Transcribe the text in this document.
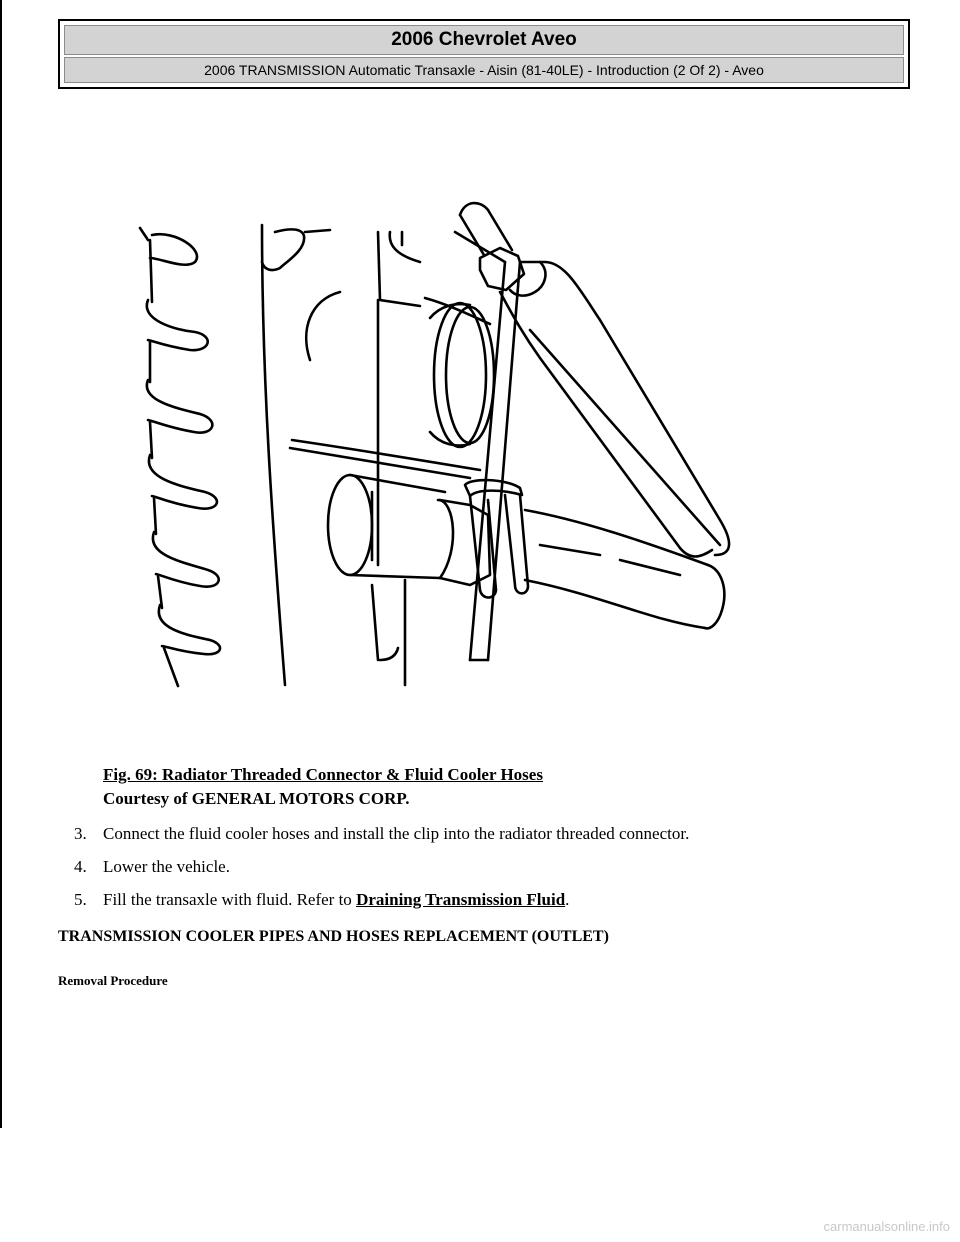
2006 Chevrolet Aveo
2006 TRANSMISSION Automatic Transaxle - Aisin (81-40LE) - Introduction (2 Of 2) - Aveo
Fig. 69: Radiator Threaded Connector & Fluid Cooler Hoses
Courtesy of GENERAL MOTORS CORP.
3. Connect the fluid cooler hoses and install the clip into the radiator threaded connector.
4. Lower the vehicle.
5. Fill the transaxle with fluid. Refer to Draining Transmission Fluid.
TRANSMISSION COOLER PIPES AND HOSES REPLACEMENT (OUTLET)
Removal Procedure
carmanualsonline.info
